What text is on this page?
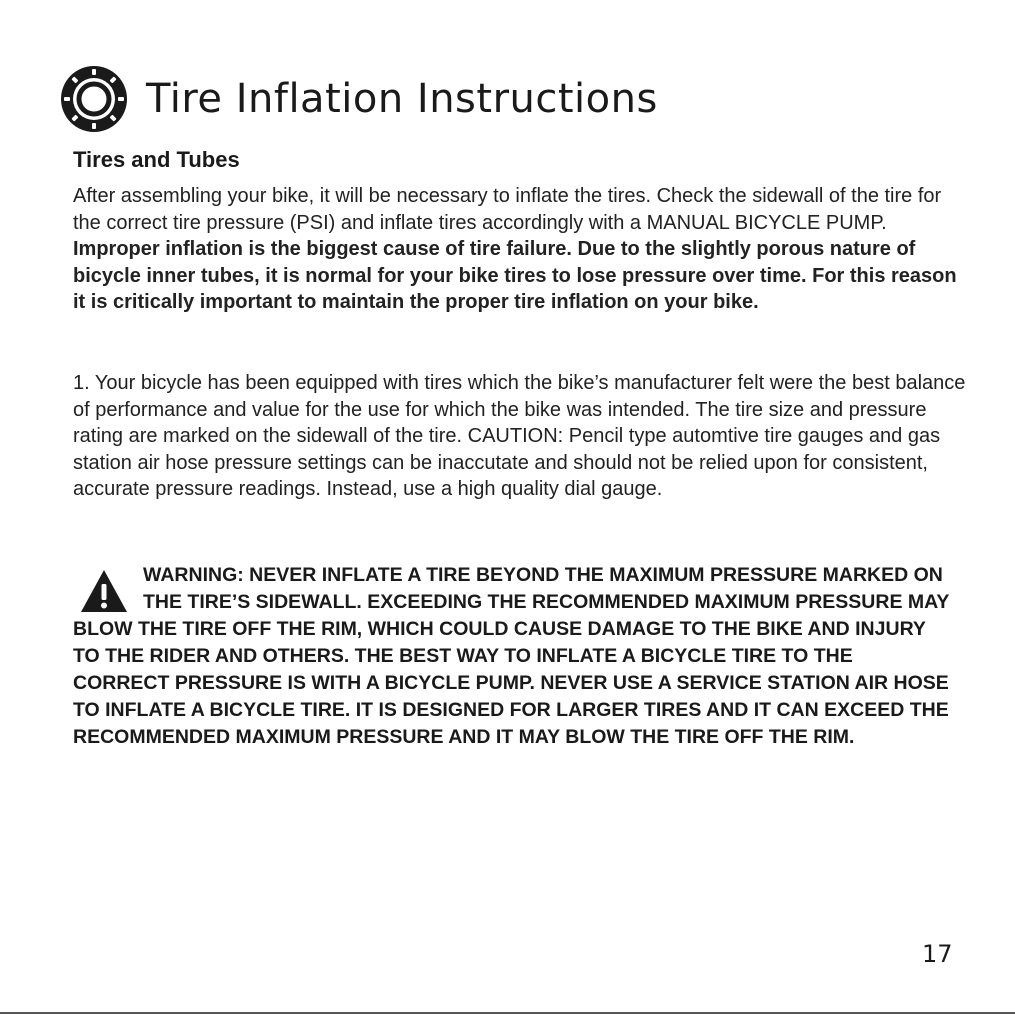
Tire Inflation Instructions
Tires and Tubes

After assembling your bike, it will be necessary to inflate the tires. Check the sidewall of the tire for the correct tire pressure (PSI) and inflate tires accordingly with a MANUAL BICYCLE PUMP. Improper inflation is the biggest cause of tire failure. Due to the slightly porous nature of bicycle inner tubes, it is normal for your bike tires to lose pressure over time. For this reason it is critically important to maintain the proper tire inflation on your bike.

1. Your bicycle has been equipped with tires which the bike’s manufacturer felt were the best balance of performance and value for the use for which the bike was intended. The tire size and pressure rating are marked on the sidewall of the tire. CAUTION: Pencil type automtive tire gauges and gas station air hose pressure settings can be inaccutate and should not be relied upon for consistent, accurate pressure readings. Instead, use a high quality dial gauge.

WARNING: NEVER INFLATE A TIRE BEYOND THE MAXIMUM PRESSURE MARKED ON THE TIRE’S SIDEWALL. EXCEEDING THE RECOMMENDED MAXIMUM PRESSURE MAY BLOW THE TIRE OFF THE RIM, WHICH COULD CAUSE DAMAGE TO THE BIKE AND INJURY TO THE RIDER AND OTHERS. THE BEST WAY TO INFLATE A BICYCLE TIRE TO THE CORRECT PRESSURE IS WITH A BICYCLE PUMP. NEVER USE A SERVICE STATION AIR HOSE TO INFLATE A BICYCLE TIRE. IT IS DESIGNED FOR LARGER TIRES AND IT CAN EXCEED THE RECOMMENDED MAXIMUM PRESSURE AND IT MAY BLOW THE TIRE OFF THE RIM.
17
